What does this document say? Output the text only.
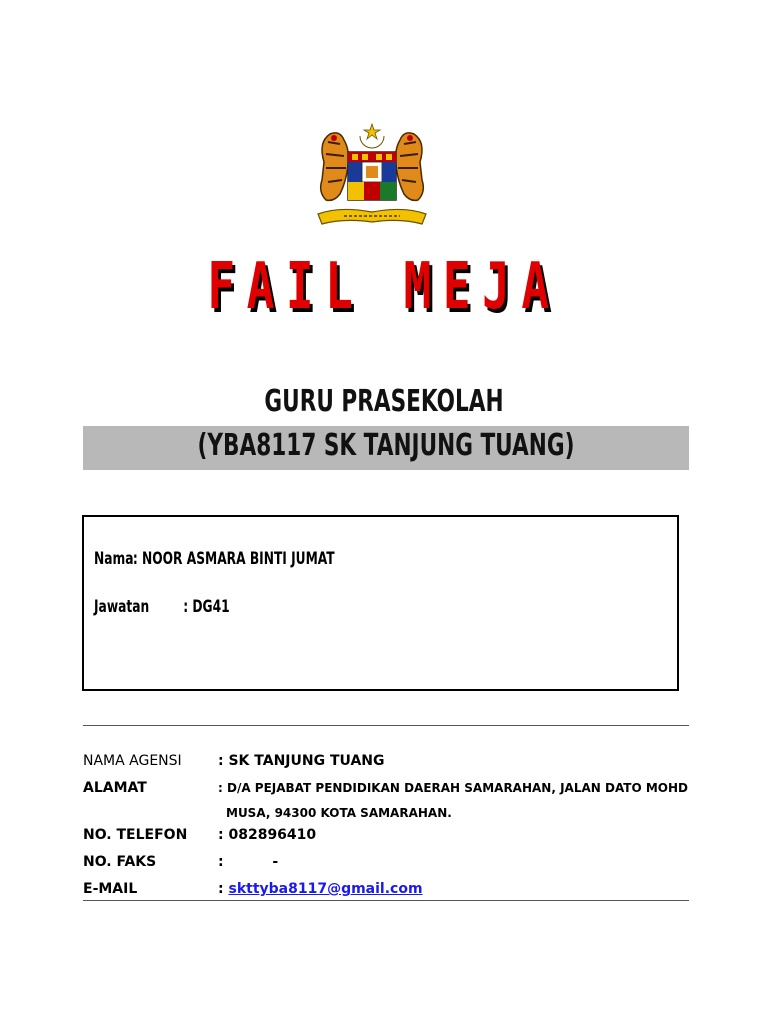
FAIL MEJA
GURU PRASEKOLAH
(YBA8117 SK TANJUNG TUANG)
Nama : NOOR ASMARA BINTI JUMAT
Jawatan : DG41
NAMA AGENSI	: SK TANJUNG TUANG
ALAMAT	: D/A PEJABAT PENDIDIKAN DAERAH SAMARAHAN, JALAN DATO MOHD
MUSA, 94300 KOTA SAMARAHAN.
NO. TELEFON : 082896410
NO. FAKS	:          -
E-MAIL	: skttyba8117@gmail.com
